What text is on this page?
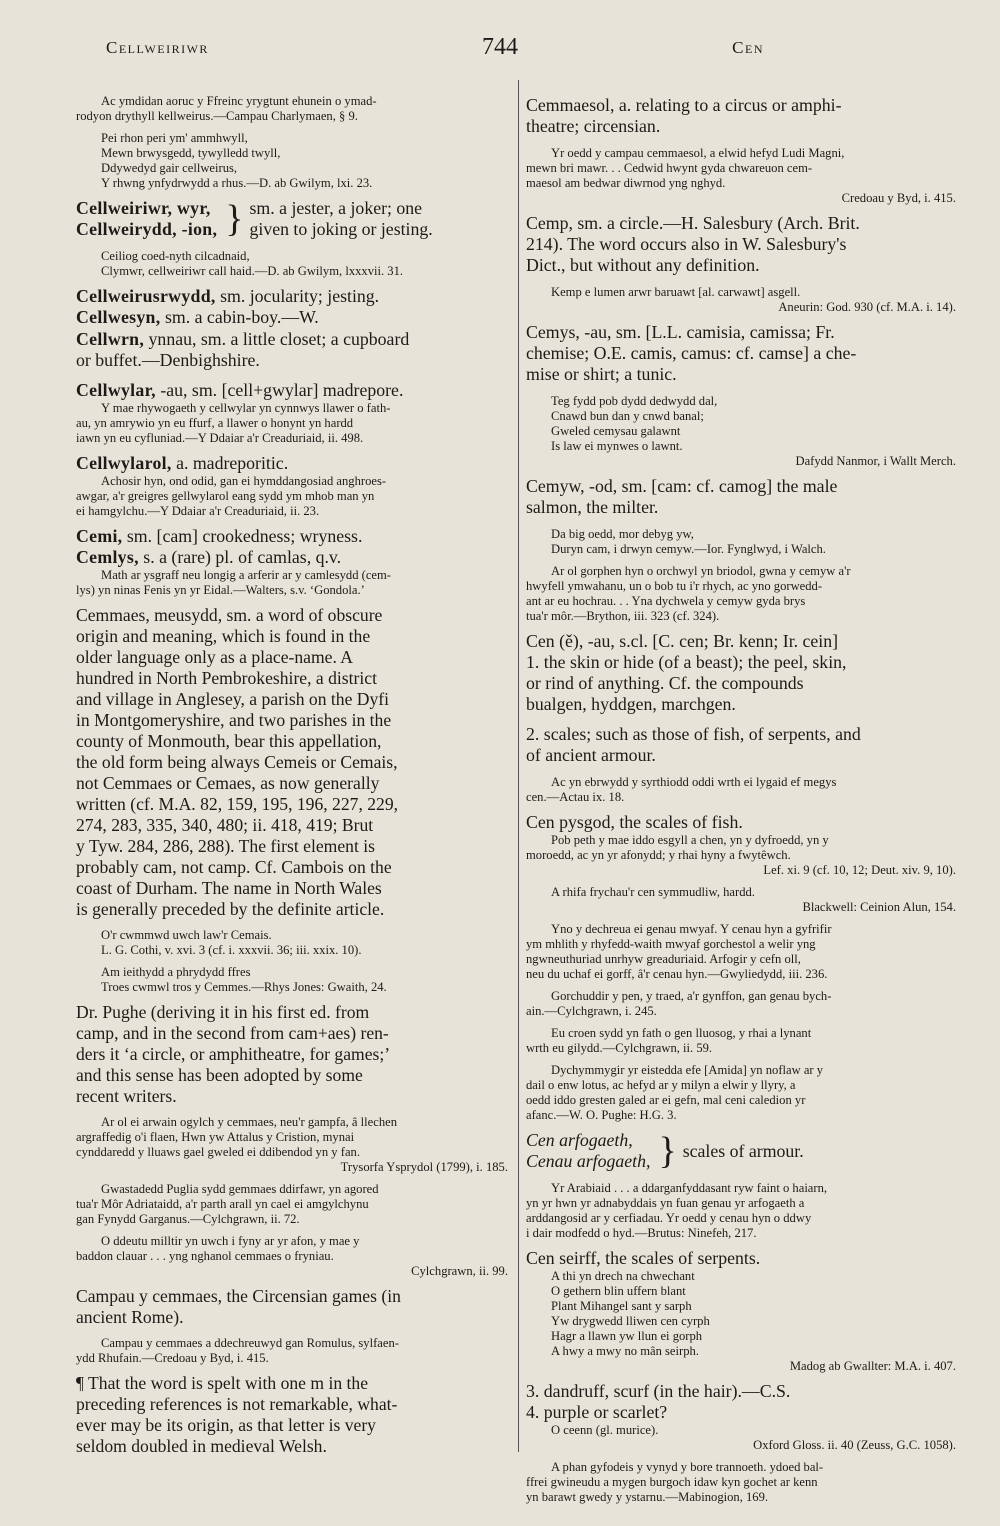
Cellweiriwr	744	Cen

Ac ymdidan aoruc y Ffreinc yrygtunt ehunein o ymad-

rodyon drythyll kellweirus.—Campau Charlymaen, § 9.

Pei rhon peri ym' ammhwyll,

Mewn brwysgedd, tywylledd twyll,

Ddywedyd gair cellweirus,

Y rhwng ynfydrwydd a rhus.—D. ab Gwilym, lxi. 23.

Cellweiriwr, wyr,
Cellweirydd, -ion, } sm. a jester, a joker; one
given to joking or jesting.

Ceiliog coed-nyth cilcadnaid,

Clymwr, cellweiriwr call haid.—D. ab Gwilym, lxxxvii. 31.

Cellweirusrwydd, sm. jocularity; jesting.

Cellwesyn, sm. a cabin-boy.—W.

Cellwrn, ynnau, sm. a little closet; a cupboard

or buffet.—Denbighshire.

Cellwylar, -au, sm. [cell+gwylar] madrepore.

Y mae rhywogaeth y cellwylar yn cynnwys llawer o fath-

au, yn amrywio yn eu ffurf, a llawer o honynt yn hardd

iawn yn eu cyfluniad.—Y Ddaiar a'r Creaduriaid, ii. 498.

Cellwylarol, a. madreporitic.

Achosir hyn, ond odid, gan ei hymddangosiad anghroes-

awgar, a'r greigres gellwylarol eang sydd ym mhob man yn

ei hamgylchu.—Y Ddaiar a'r Creaduriaid, ii. 23.

Cemi, sm. [cam] crookedness; wryness.

Cemlys, s. a (rare) pl. of camlas, q.v.

Math ar ysgraff neu longig a arferir ar y camlesydd (cem-

lys) yn ninas Fenis yn yr Eidal.—Walters, s.v. ‘Gondola.’

Cemmaes, meusydd, sm. a word of obscure

origin and meaning, which is found in the

older language only as a place-name. A

hundred in North Pembrokeshire, a district

and village in Anglesey, a parish on the Dyfi

in Montgomeryshire, and two parishes in the

county of Monmouth, bear this appellation,

the old form being always Cemeis or Cemais,

not Cemmaes or Cemaes, as now generally

written (cf. M.A. 82, 159, 195, 196, 227, 229,

274, 283, 335, 340, 480; ii. 418, 419; Brut

y Tyw. 284, 286, 288). The first element is

probably cam, not camp. Cf. Cambois on the

coast of Durham. The name in North Wales

is generally preceded by the definite article.

O'r cwmmwd uwch law'r Cemais.

L. G. Cothi, v. xvi. 3 (cf. i. xxxvii. 36; iii. xxix. 10).

Am ieithydd a phrydydd ffres

Troes cwmwl tros y Cemmes.—Rhys Jones: Gwaith, 24.

Dr. Pughe (deriving it in his first ed. from

camp, and in the second from cam+aes) ren-

ders it ‘a circle, or amphitheatre, for games;’

and this sense has been adopted by some

recent writers.

Ar ol ei arwain ogylch y cemmaes, neu'r gampfa, â llechen

argraffedig o'i flaen, Hwn yw Attalus y Cristion, mynai

cynddaredd y lluaws gael gweled ei ddibendod yn y fan.

Trysorfa Ysprydol (1799), i. 185.

Gwastadedd Puglia sydd gemmaes ddirfawr, yn agored

tua'r Môr Adriataidd, a'r parth arall yn cael ei amgylchynu

gan Fynydd Garganus.—Cylchgrawn, ii. 72.

O ddeutu milltir yn uwch i fyny ar yr afon, y mae y

baddon clauar . . . yng nghanol cemmaes o fryniau.

Cylchgrawn, ii. 99.

Campau y cemmaes, the Circensian games (in

ancient Rome).

Campau y cemmaes a ddechreuwyd gan Romulus, sylfaen-

ydd Rhufain.—Credoau y Byd, i. 415.

¶ That the word is spelt with one m in the

preceding references is not remarkable, what-

ever may be its origin, as that letter is very

seldom doubled in medieval Welsh.

Cemmaesol, a. relating to a circus or amphi-

theatre; circensian.

Yr oedd y campau cemmaesol, a elwid hefyd Ludi Magni,

mewn bri mawr. . . Cedwid hwynt gyda chwareuon cem-

maesol am bedwar diwrnod yng nghyd.

Credoau y Byd, i. 415.

Cemp, sm. a circle.—H. Salesbury (Arch. Brit.

214). The word occurs also in W. Salesbury's

Dict., but without any definition.

Kemp e lumen arwr baruawt [al. carwawt] asgell.

Aneurin: God. 930 (cf. M.A. i. 14).

Cemys, -au, sm. [L.L. camisia, camissa; Fr.

chemise; O.E. camis, camus: cf. camse] a che-

mise or shirt; a tunic.

Teg fydd pob dydd dedwydd dal,

Cnawd bun dan y cnwd banal;

Gweled cemysau galawnt

Is law ei mynwes o lawnt.

Dafydd Nanmor, i Wallt Merch.

Cemyw, -od, sm. [cam: cf. camog] the male

salmon, the milter.

Da big oedd, mor debyg yw,

Duryn cam, i drwyn cemyw.—Ior. Fynglwyd, i Walch.

Ar ol gorphen hyn o orchwyl yn briodol, gwna y cemyw a'r

hwyfell ymwahanu, un o bob tu i'r rhych, ac yno gorwedd-

ant ar eu hochrau. . . Yna dychwela y cemyw gyda brys

tua'r môr.—Brython, iii. 323 (cf. 324).

Cen (ě), -au, s.cl. [C. cen; Br. kenn; Ir. cein]

1. the skin or hide (of a beast); the peel, skin,

or rind of anything. Cf. the compounds

bualgen, hyddgen, marchgen.

2. scales; such as those of fish, of serpents, and

of ancient armour.

Ac yn ebrwydd y syrthiodd oddi wrth ei lygaid ef megys

cen.—Actau ix. 18.

Cen pysgod, the scales of fish.

Pob peth y mae iddo esgyll a chen, yn y dyfroedd, yn y

moroedd, ac yn yr afonydd; y rhai hyny a fwytêwch.

Lef. xi. 9 (cf. 10, 12; Deut. xiv. 9, 10).

A rhifa frychau'r cen symmudliw, hardd.

Blackwell: Ceinion Alun, 154.

Yno y dechreua ei genau mwyaf. Y cenau hyn a gyfrifir

ym mhlith y rhyfedd-waith mwyaf gorchestol a welir yng

ngwneuthuriad unrhyw greaduriaid. Arfogir y cefn oll,

neu du uchaf ei gorff, â'r cenau hyn.—Gwyliedydd, iii. 236.

Gorchuddir y pen, y traed, a'r gynffon, gan genau bych-

ain.—Cylchgrawn, i. 245.

Eu croen sydd yn fath o gen lluosog, y rhai a lynant

wrth eu gilydd.—Cylchgrawn, ii. 59.

Dychymmygir yr eistedda efe [Amida] yn noflaw ar y

dail o enw lotus, ac hefyd ar y milyn a elwir y llyry, a

oedd iddo gresten galed ar ei gefn, mal ceni caledion yr

afanc.—W. O. Pughe: H.G. 3.

Cen arfogaeth,
Cenau arfogaeth, } scales of armour.

Yr Arabiaid . . . a ddarganfyddasant ryw faint o haiarn,

yn yr hwn yr adnabyddais yn fuan genau yr arfogaeth a

arddangosid ar y cerfiadau. Yr oedd y cenau hyn o ddwy

i dair modfedd o hyd.—Brutus: Ninefeh, 217.

Cen seirff, the scales of serpents.

A thi yn drech na chwechant

O gethern blin uffern blant

Plant Mihangel sant y sarph

Yw drygwedd lliwen cen cyrph

Hagr a llawn yw llun ei gorph

A hwy a mwy no mân seirph.

Madog ab Gwallter: M.A. i. 407.

3. dandruff, scurf (in the hair).—C.S.

4. purple or scarlet?

O ceenn (gl. murice).

Oxford Gloss. ii. 40 (Zeuss, G.C. 1058).

A phan gyfodeis y vynyd y bore trannoeth. ydoed bal-

ffrei gwineudu a mygen burgoch idaw kyn gochet ar kenn

yn barawt gwedy y ystarnu.—Mabinogion, 169.
